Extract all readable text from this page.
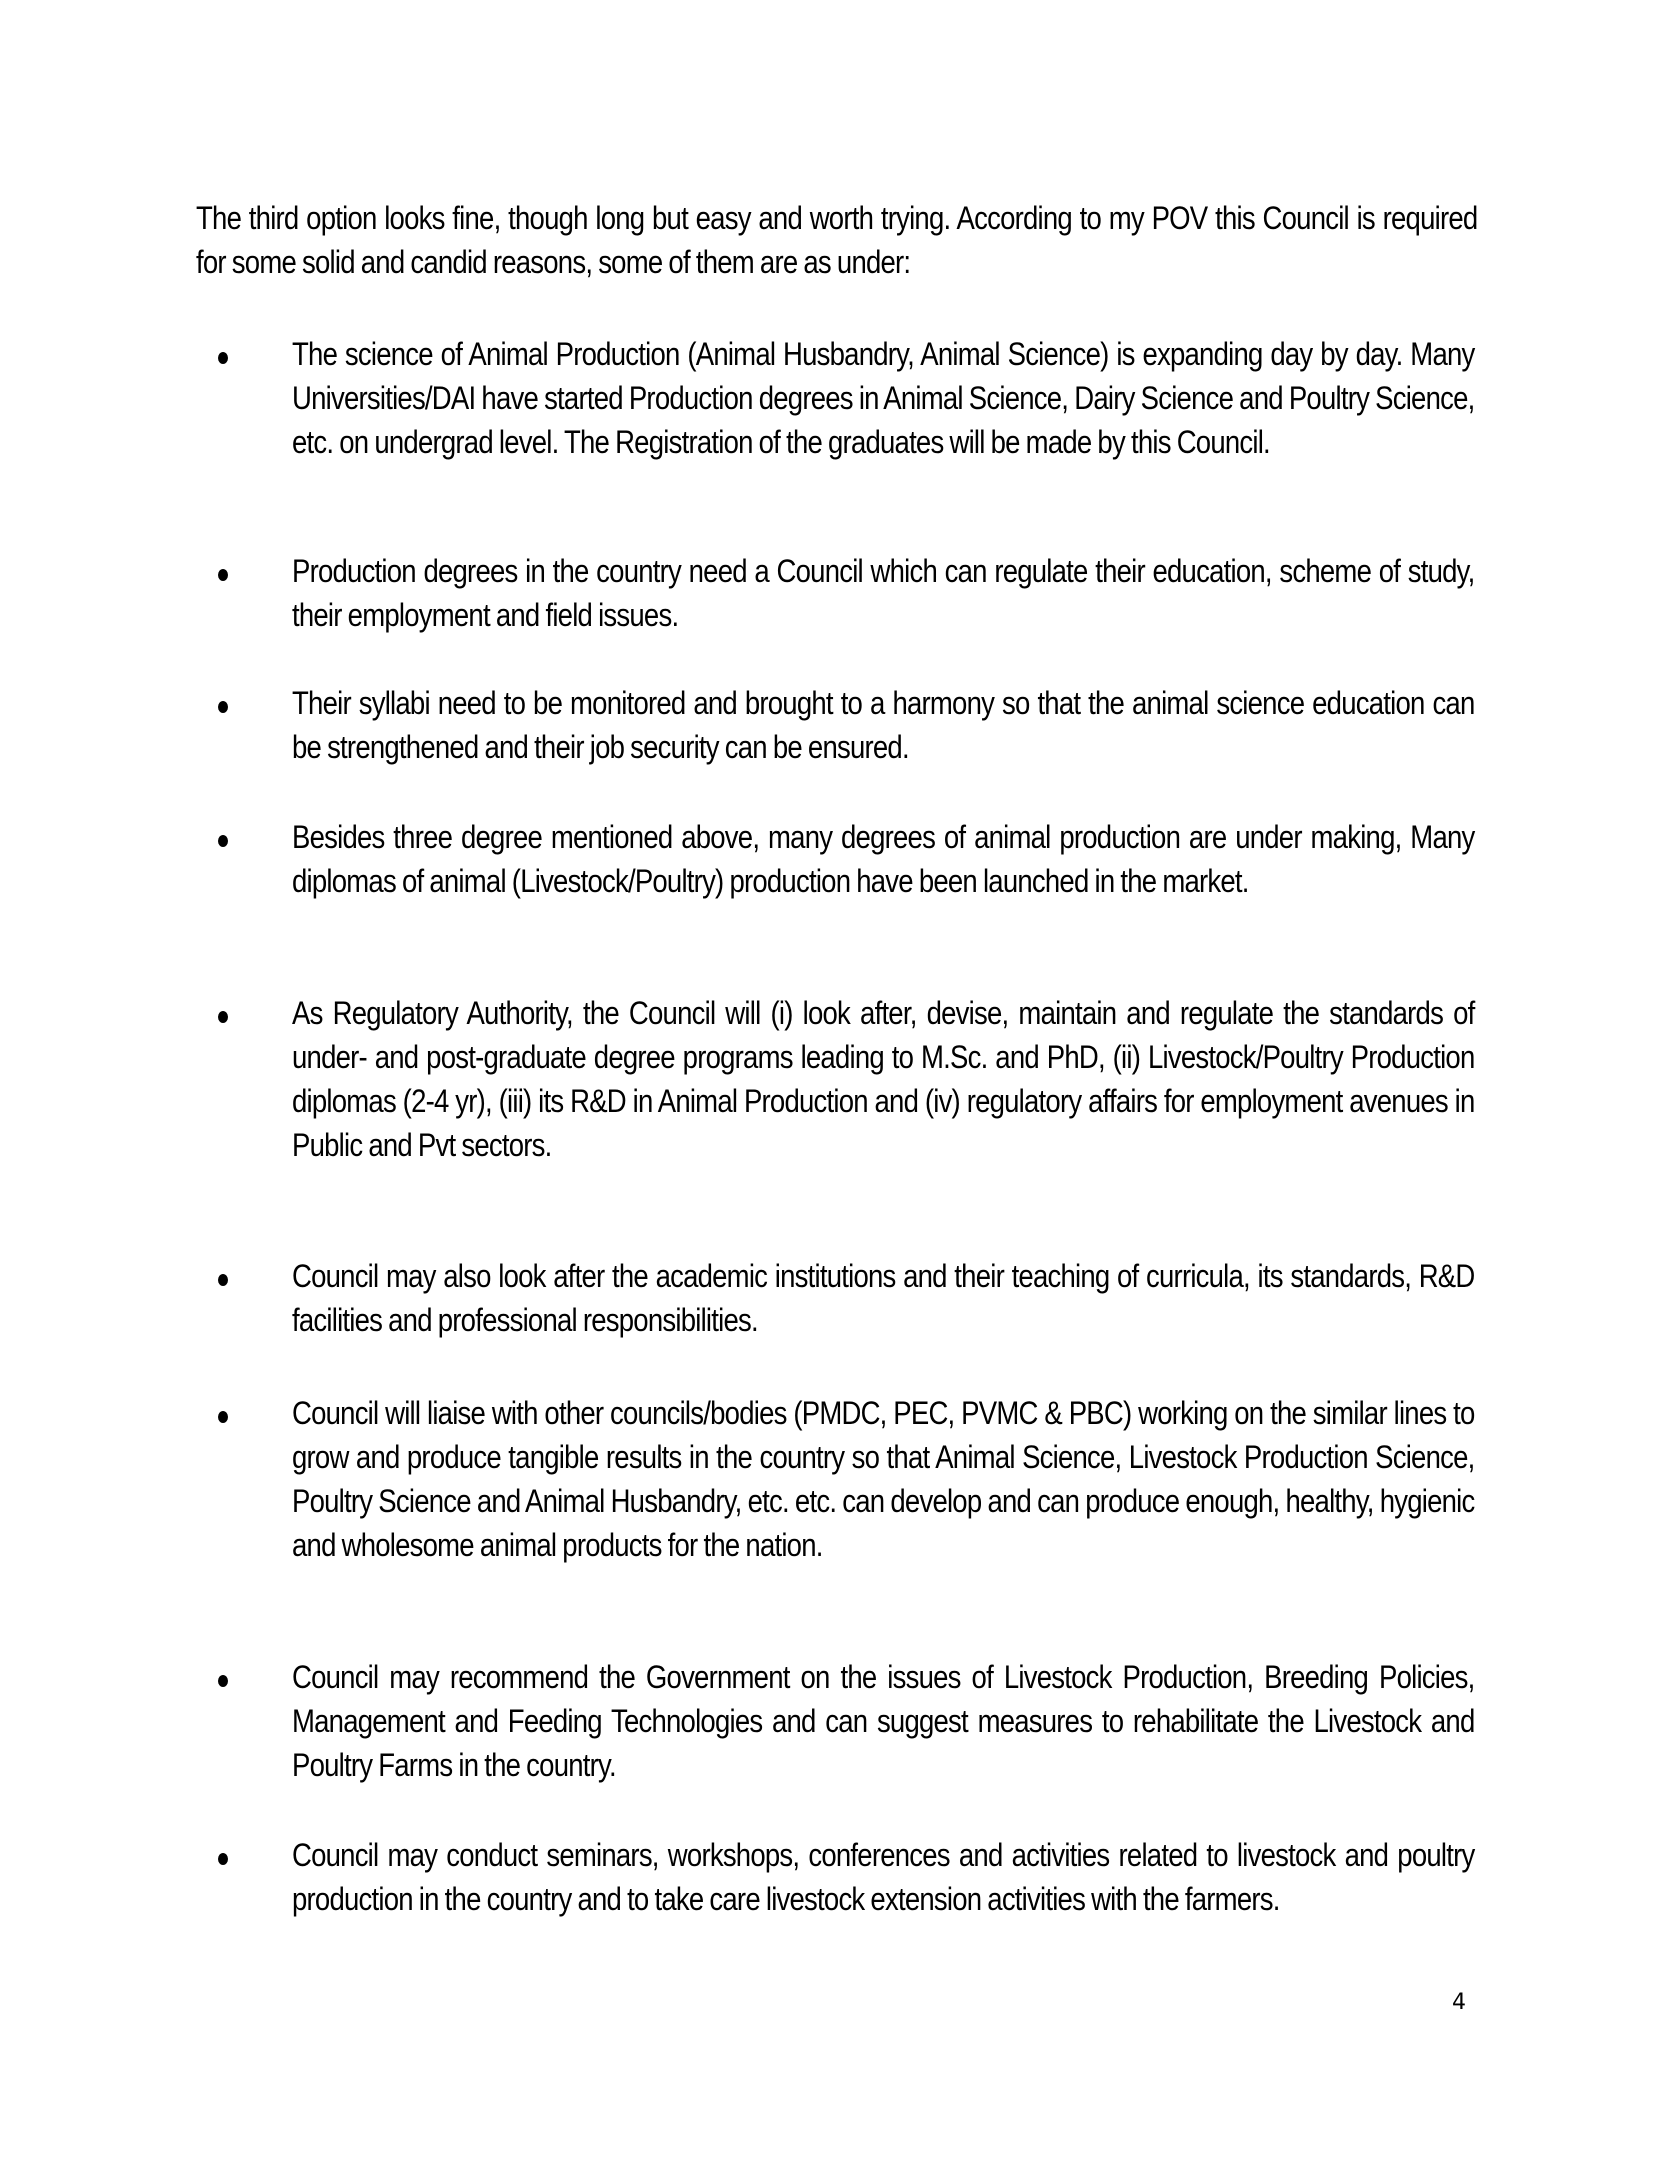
The third option looks fine, though long but easy and worth trying. According to my POV this Council is required for some solid and candid reasons, some of them are as under:

The science of Animal Production (Animal Husbandry, Animal Science) is expanding day by day. Many Universities/DAI have started Production degrees in Animal Science, Dairy Science and Poultry Science, etc. on undergrad level. The Registration of the graduates will be made by this Council.

Production degrees in the country need a Council which can regulate their education, scheme of study, their employment and field issues.

Their syllabi need to be monitored and brought to a harmony so that the animal science education can be strengthened and their job security can be ensured.

Besides three degree mentioned above, many degrees of animal production are under making, Many diplomas of animal (Livestock/Poultry) production have been launched in the market.

As Regulatory Authority, the Council will (i) look after, devise, maintain and regulate the standards of under- and post-graduate degree programs leading to M.Sc. and PhD, (ii) Livestock/Poultry Production diplomas (2-4 yr), (iii) its R&D in Animal Production and (iv) regulatory affairs for employment avenues in Public and Pvt sectors.

Council may also look after the academic institutions and their teaching of curricula, its standards, R&D facilities and professional responsibilities.

Council will liaise with other councils/bodies (PMDC, PEC, PVMC & PBC) working on the similar lines to grow and produce tangible results in the country so that Animal Science, Livestock Production Science, Poultry Science and Animal Husbandry, etc. etc. can develop and can produce enough, healthy, hygienic and wholesome animal products for the nation.

Council may recommend the Government on the issues of Livestock Production, Breeding Policies, Management and Feeding Technologies and can suggest measures to rehabilitate the Livestock and Poultry Farms in the country.

Council may conduct seminars, workshops, conferences and activities related to livestock and poultry production in the country and to take care livestock extension activities with the farmers.

4
